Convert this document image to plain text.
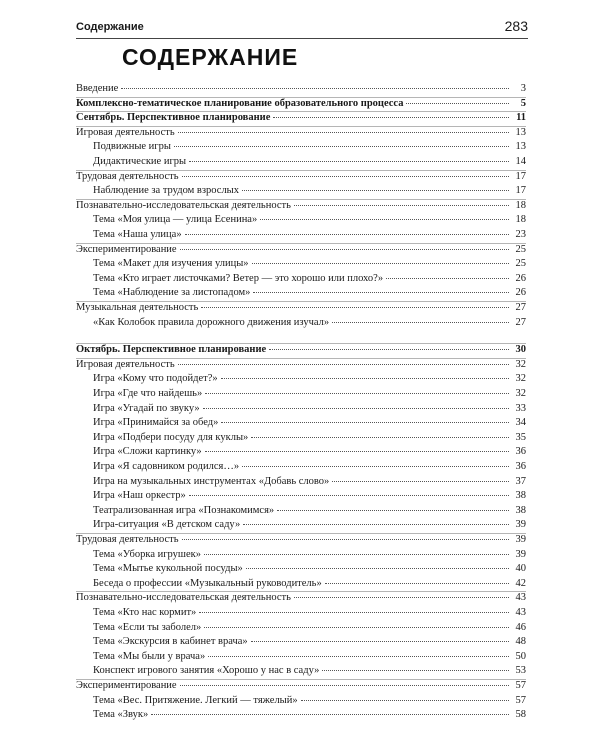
Содержание	283
СОДЕРЖАНИЕ
Введение	3
Комплексно-тематическое планирование образовательного процесса	5
Сентябрь. Перспективное планирование	11
Игровая деятельность	13
Подвижные игры	13
Дидактические игры	14
Трудовая деятельность	17
Наблюдение за трудом взрослых	17
Познавательно-исследовательская деятельность	18
Тема «Моя улица — улица Есенина»	18
Тема «Наша улица»	23
Экспериментирование	25
Тема «Макет для изучения улицы»	25
Тема «Кто играет листочками? Ветер — это хорошо или плохо?»	26
Тема «Наблюдение за листопадом»	26
Музыкальная деятельность	27
«Как Колобок правила дорожного движения изучал»	27
Октябрь. Перспективное планирование	30
Игровая деятельность	32
Игра «Кому что подойдет?»	32
Игра «Где что найдешь»	32
Игра «Угадай по звуку»	33
Игра «Принимайся за обед»	34
Игра «Подбери посуду для куклы»	35
Игра «Сложи картинку»	36
Игра «Я садовником родился…»	36
Игра на музыкальных инструментах «Добавь слово»	37
Игра «Наш оркестр»	38
Театрализованная игра «Познакомимся»	38
Игра-ситуация «В детском саду»	39
Трудовая деятельность	39
Тема «Уборка игрушек»	39
Тема «Мытье кукольной посуды»	40
Беседа о профессии «Музыкальный руководитель»	42
Познавательно-исследовательская деятельность	43
Тема «Кто нас кормит»	43
Тема «Если ты заболел»	46
Тема «Экскурсия в кабинет врача»	48
Тема «Мы были у врача»	50
Конспект игрового занятия «Хорошо у нас в саду»	53
Экспериментирование	57
Тема «Вес. Притяжение. Легкий — тяжелый»	57
Тема «Звук»	58
